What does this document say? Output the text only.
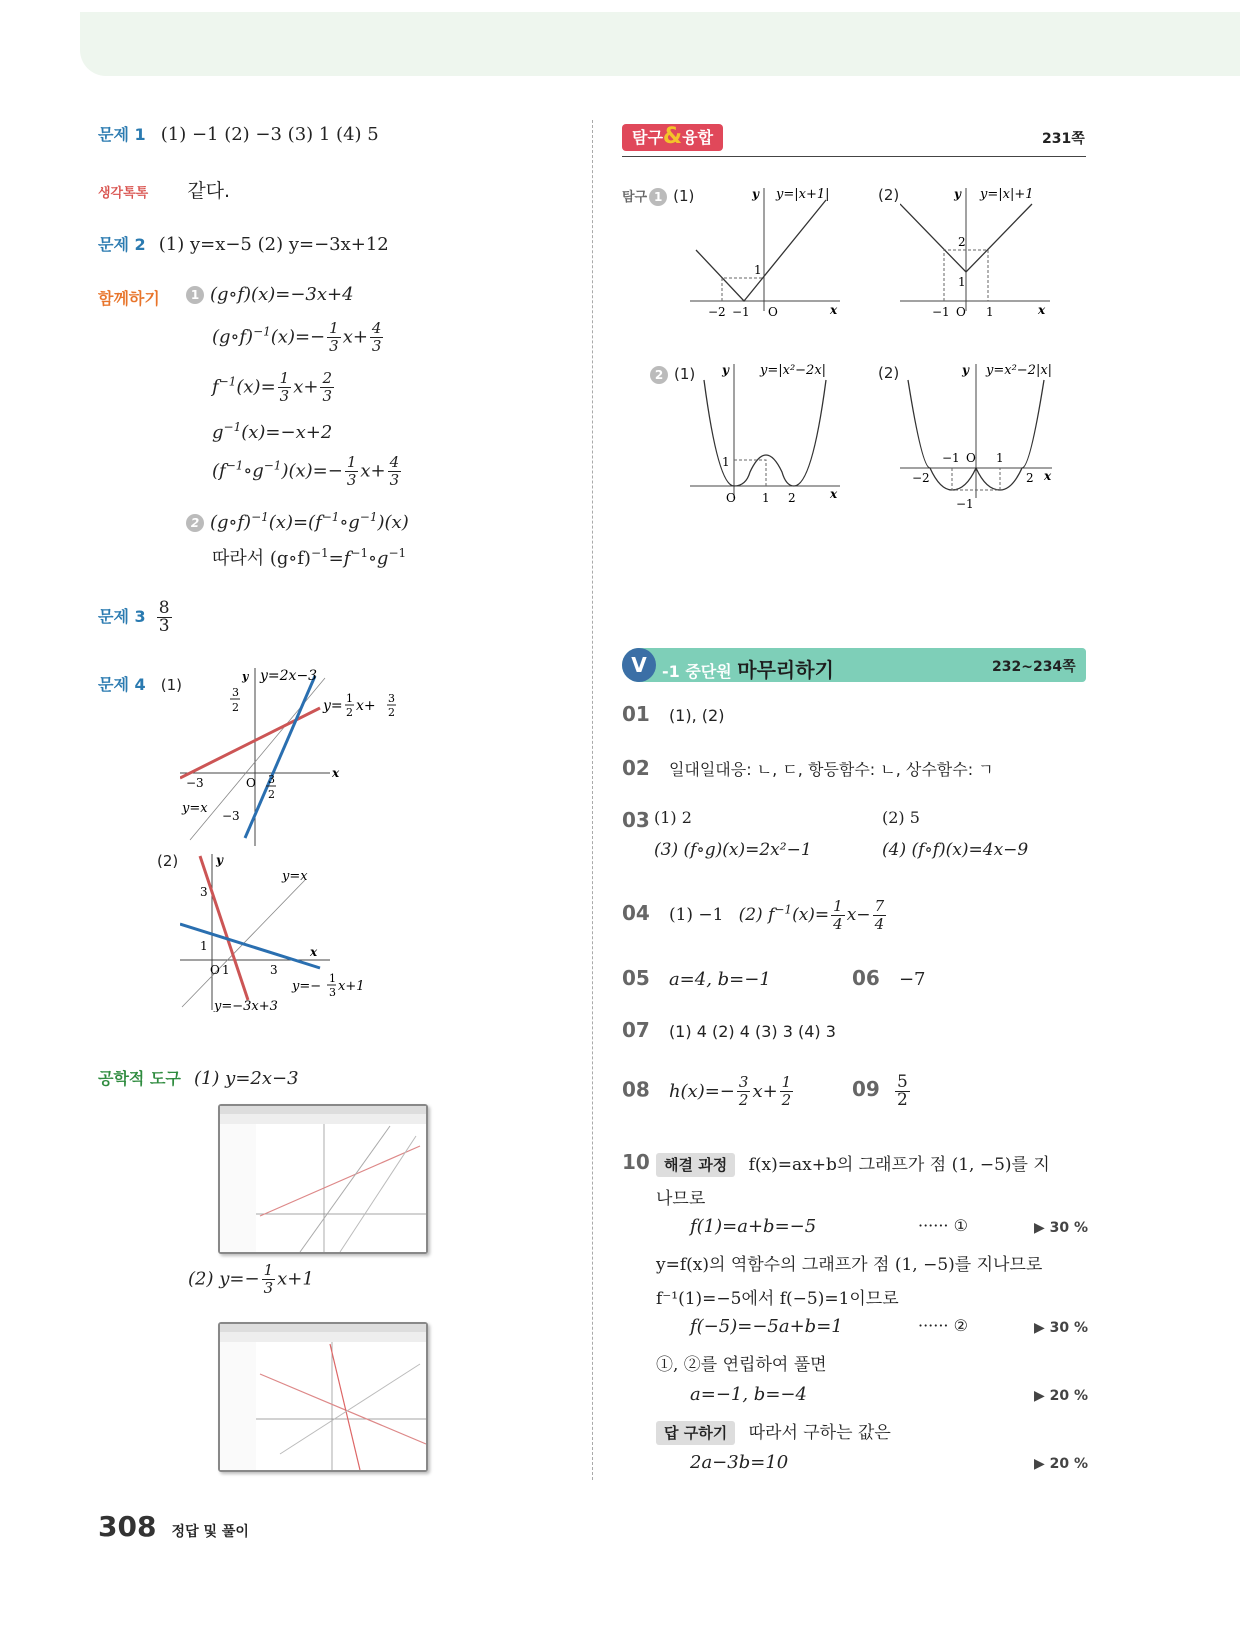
문제 1 (1) −1 (2) −3 (3) 1 (4) 5
생각톡톡 같다.
문제 2 (1) y=x−5 (2) y=−3x+12
함께하기	1 (g∘f)(x)=−3x+4
(g∘f)$^{-1}$(x)=− $\frac{1}{3} x+ \frac{4}{3}$
$f^{-1}(x)= \frac{1}{3} x+ \frac{2}{3}$
$g^{-1}(x)=-x+2$
$(f^{-1}\circ g^{-1})(x)=- \frac{1}{3} x+ \frac{4}{3}$
2 $(g\circ f)^{-1}(x)=(f^{-1}\circ g^{-1})(x)$
따라서 $(g\circ f)^{-1}=f^{-1}\circ g^{-1}$
문제 $3 \frac{8}{3}$
문제 4 (1)	y=2x−3
y
x
y= 1
2 x+ 3
2
3
2
−3	O 3
2
y=x −3
(2)	y
x
y=x
3
1
O 1	3
y=−
1
3 x+1
y=−3x+3
공학적 도구 (1) y=2x−3
(2) $y=- \frac{1}{3} x+1$
308 정답 및 풀이
탐구&융합	231쪽
탐구 1 (1)	y y=|x+1|
1
−2 −1 O	x
(2)	y y=|x|+1
2
1
−1 O 1	x
2 (1) y y=|x²−2x|
1
O 1 2	x
(2)	y y=x²−2|x|
−1 O 1
−2	2
−1
x
V -1 중단원 마무리하기	232~234쪽
01 (1), (2)
02 일대일대응: ㄴ, ㄷ, 항등함수: ㄴ, 상수함수: ㄱ
03 (1) 2	(2) 5
(3) (f∘g)(x)=2x²−1	(4) (f∘f)(x)=4x−9
04 (1) −1 (2) $f^{-1}(x)= \frac{1}{4} x- \frac{7}{4}$
05 a=4, b=−1	06 −7
07 (1) 4 (2) 4 (3) 3 (4) 3
08 $h(x)=- \frac{3}{2} x+ \frac{1}{2}$	$09 \frac{5}{2}$
10 해결 과정 f(x)=ax+b의 그래프가 점 (1, −5)를 지
나므로
f(1)=a+b=−5	······ ①	▶ 30 %
y=f(x)의 역함수의 그래프가 점 (1, −5)를 지나므로
f⁻¹(1)=−5에서 f(−5)=1이므로
f(−5)=−5a+b=1	······ ②	▶ 30 %
①, ②를 연립하여 풀면
a=−1, b=−4	▶ 20 %
답 구하기 따라서 구하는 값은
2a−3b=10	▶ 20 %
